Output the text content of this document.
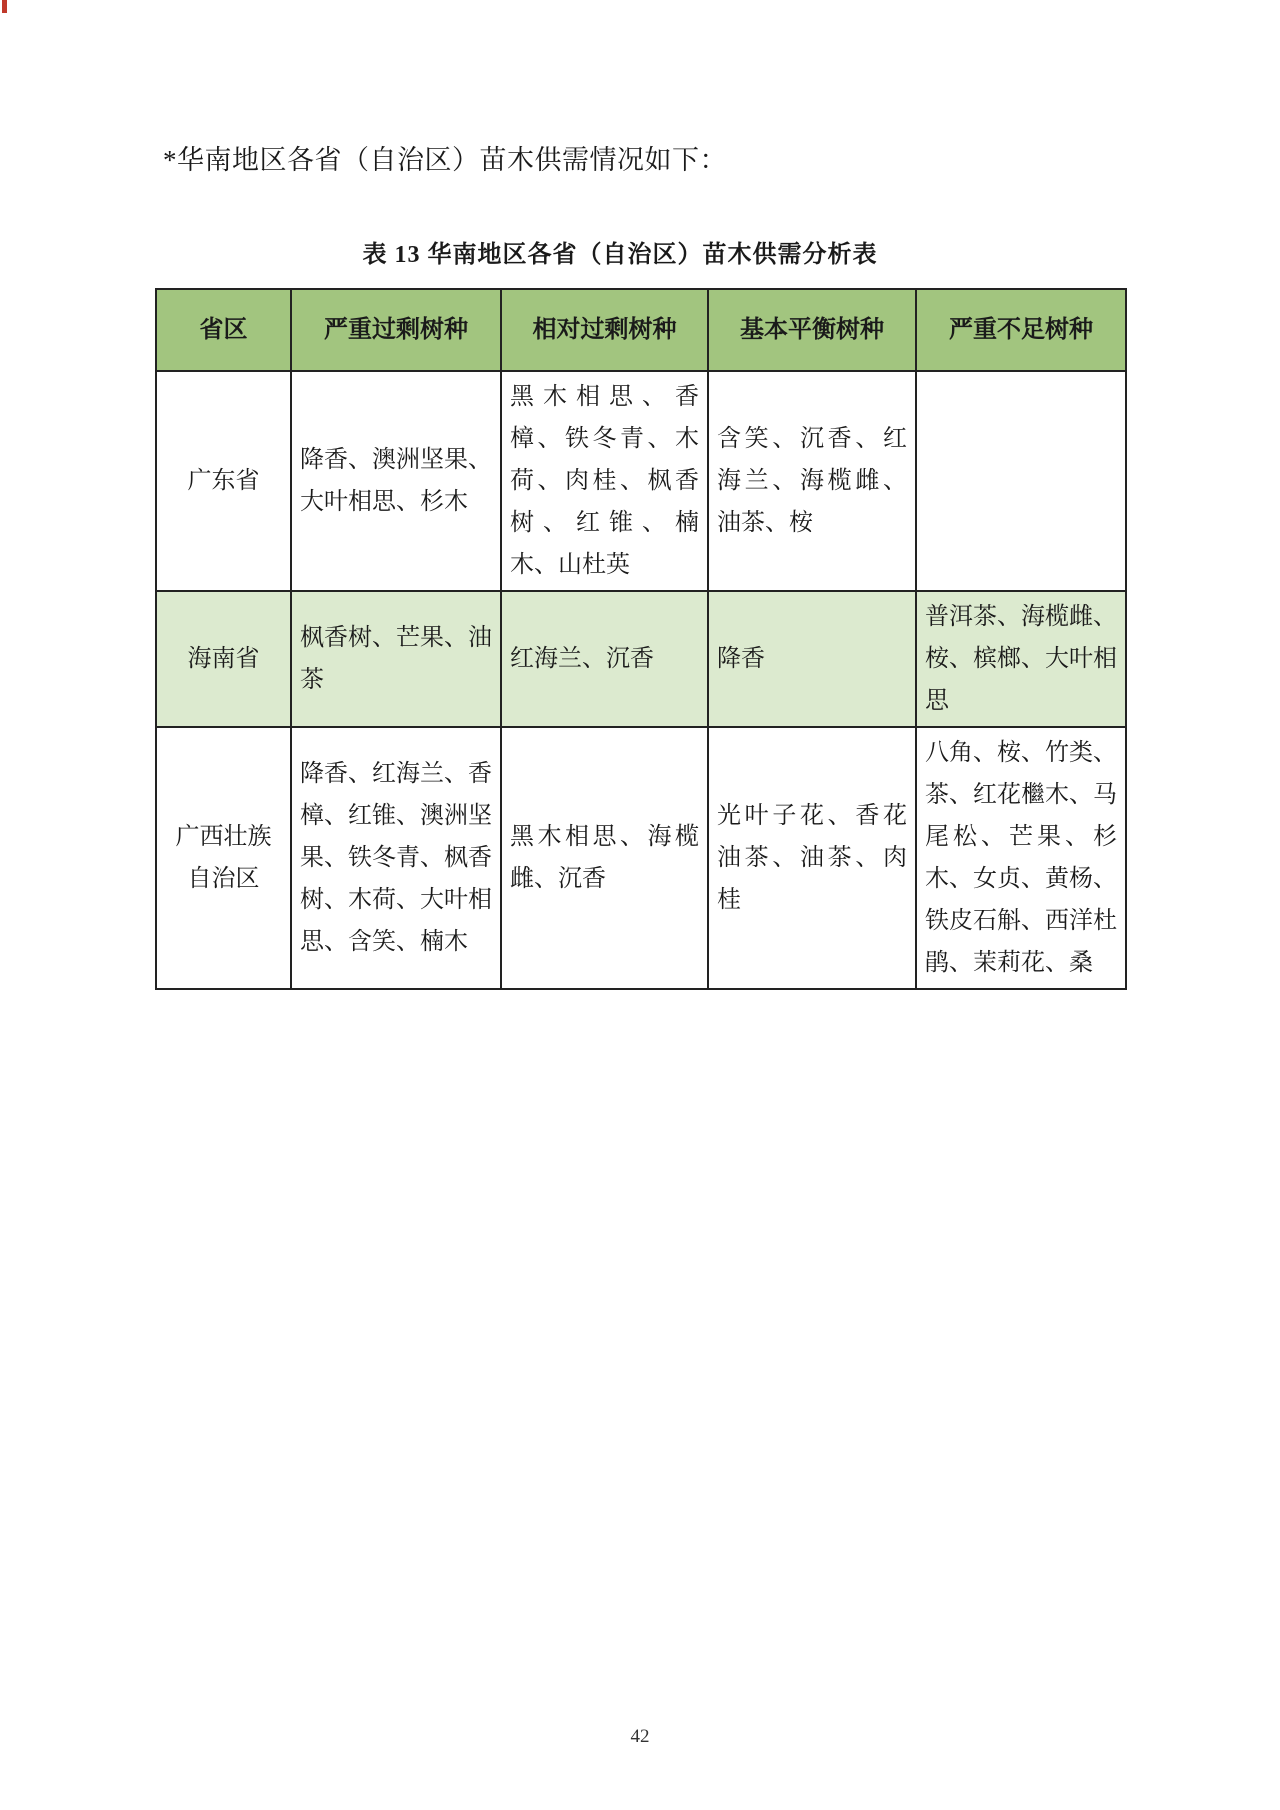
*华南地区各省（自治区）苗木供需情况如下：
表 13 华南地区各省（自治区）苗木供需分析表
省区	严重过剩树种	相对过剩树种	基本平衡树种	严重不足树种
广东省	降香、澳洲坚果、大叶相思、杉木	黑木相思、香樟、铁冬青、木荷、肉桂、枫香树、红锥、楠木、山杜英	含笑、沉香、红海兰、海榄雌、油茶、桉	
海南省	枫香树、芒果、油茶	红海兰、沉香	降香	普洱茶、海榄雌、桉、槟榔、大叶相思
广西壮族自治区	降香、红海兰、香樟、红锥、澳洲坚果、铁冬青、枫香树、木荷、大叶相思、含笑、楠木	黑木相思、海榄雌、沉香	光叶子花、香花油茶、油茶、肉桂	八角、桉、竹类、茶、红花檵木、马尾松、芒果、杉木、女贞、黄杨、铁皮石斛、西洋杜鹃、茉莉花、桑
42
